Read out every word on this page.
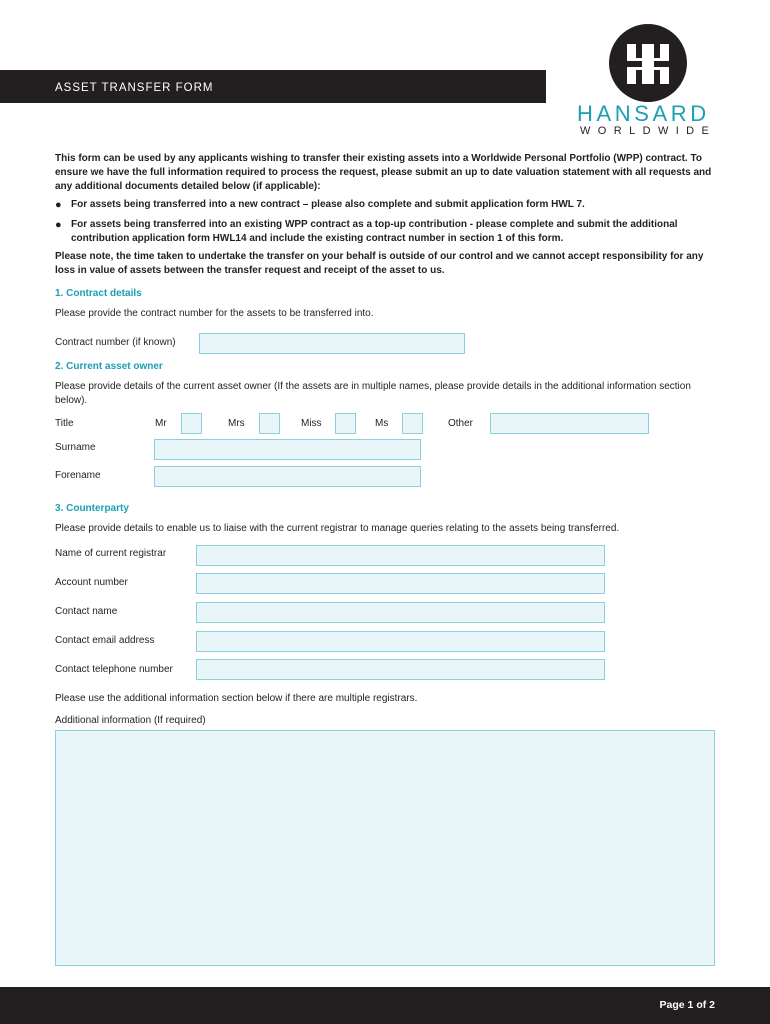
ASSET TRANSFER FORM
HANSARD
WORLDWIDE
This form can be used by any applicants wishing to transfer their existing assets into a Worldwide Personal Portfolio (WPP) contract. To ensure we have the full information required to process the request, please submit an up to date valuation statement with all requests and any additional documents detailed below (if applicable):
● For assets being transferred into a new contract – please also complete and submit application form HWL 7.
● For assets being transferred into an existing WPP contract as a top-up contribution - please complete and submit the additional contribution application form HWL14 and include the existing contract number in section 1 of this form.
Please note, the time taken to undertake the transfer on your behalf is outside of our control and we cannot accept responsibility for any loss in value of assets between the transfer request and receipt of the asset to us.
1. Contract details
Please provide the contract number for the assets to be transferred into.
Contract number (if known)
2. Current asset owner
Please provide details of the current asset owner (If the assets are in multiple names, please provide details in the additional information section below).
Title	Mr	Mrs	Miss	Ms	Other
Surname
Forename
3. Counterparty
Please provide details to enable us to liaise with the current registrar to manage queries relating to the assets being transferred.
Name of current registrar
Account number
Contact name
Contact email address
Contact telephone number
Please use the additional information section below if there are multiple registrars.
Additional information (If required)
Page 1 of 2
